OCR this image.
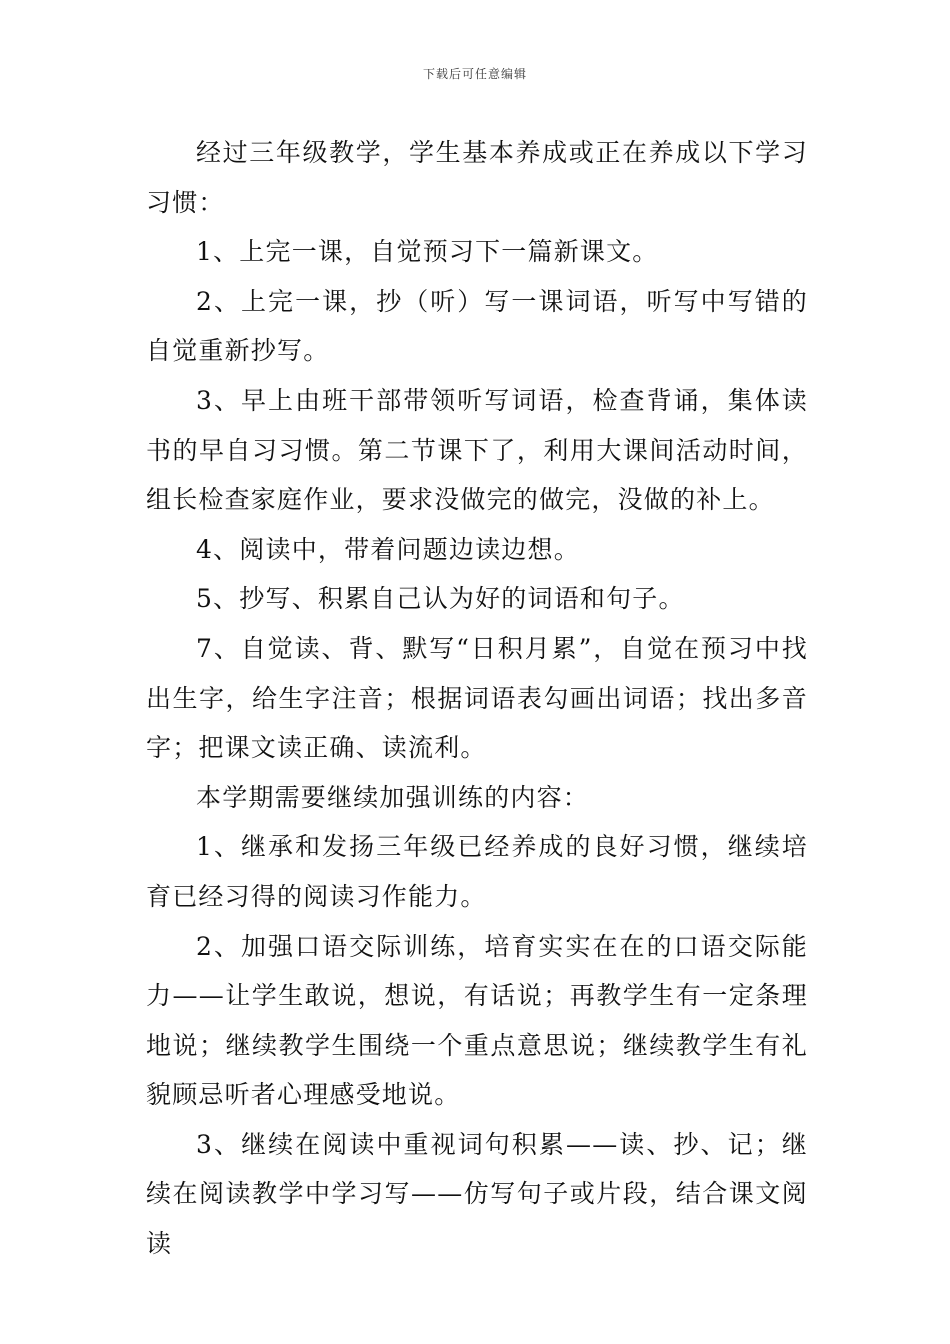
下载后可任意编辑

经过三年级教学，学生基本养成或正在养成以下学习习惯：

1、上完一课，自觉预习下一篇新课文。

2、上完一课，抄（听）写一课词语，听写中写错的自觉重新抄写。

3、早上由班干部带领听写词语，检查背诵，集体读书的早自习习惯。第二节课下了，利用大课间活动时间，组长检查家庭作业，要求没做完的做完，没做的补上。

4、阅读中，带着问题边读边想。

5、抄写、积累自己认为好的词语和句子。

7、自觉读、背、默写“日积月累”，自觉在预习中找出生字，给生字注音；根据词语表勾画出词语；找出多音字；把课文读正确、读流利。

本学期需要继续加强训练的内容：

1、继承和发扬三年级已经养成的良好习惯，继续培育已经习得的阅读习作能力。

2、加强口语交际训练，培育实实在在的口语交际能力——让学生敢说，想说，有话说；再教学生有一定条理地说；继续教学生围绕一个重点意思说；继续教学生有礼貌顾忌听者心理感受地说。

3、继续在阅读中重视词句积累——读、抄、记；继续在阅读教学中学习写——仿写句子或片段，结合课文阅读
